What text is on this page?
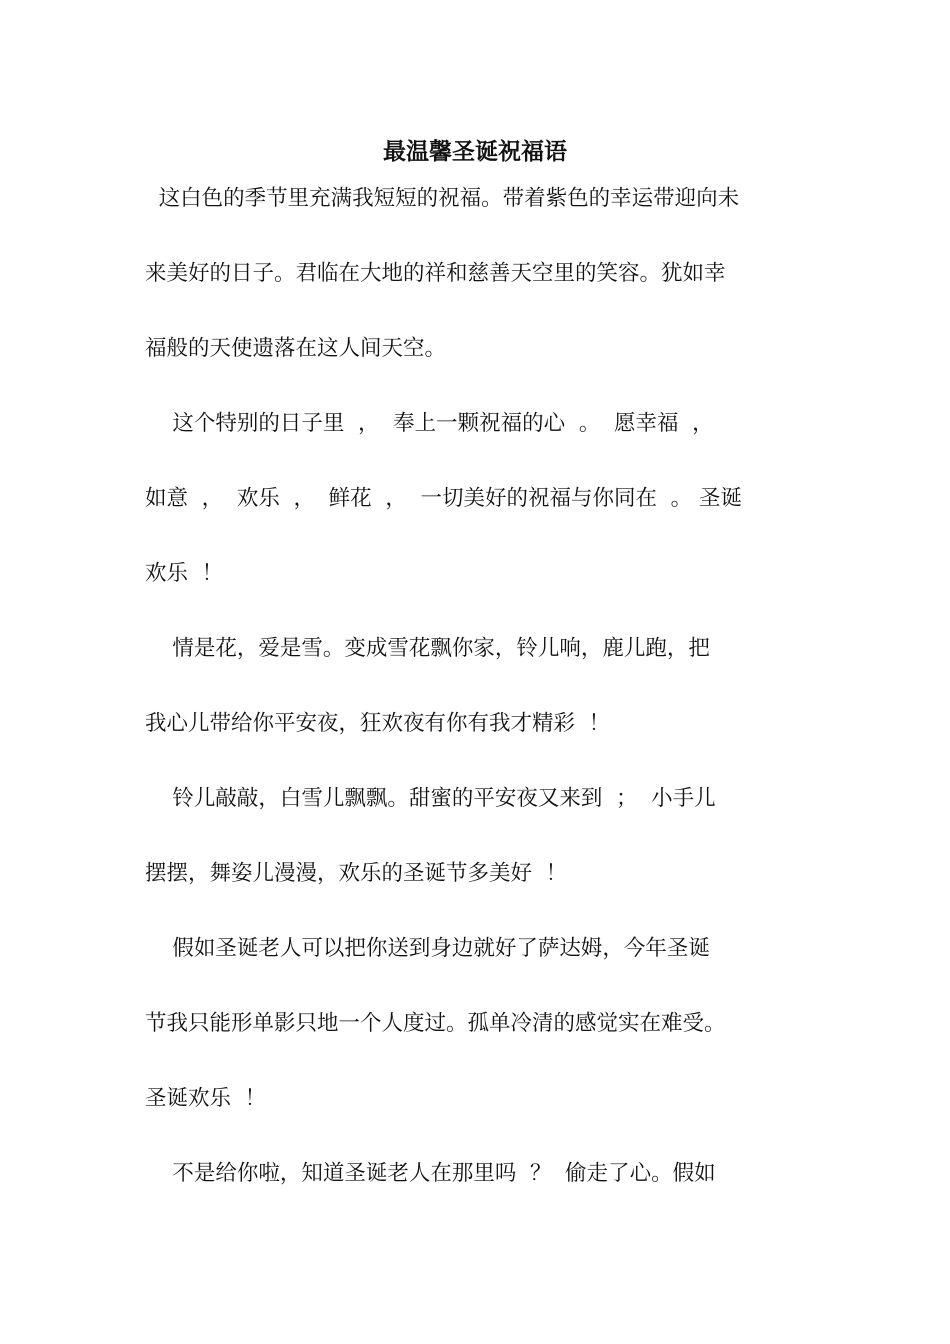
最温馨圣诞祝福语
这白色的季节里充满我短短的祝福。带着紫色的幸运带迎向未
来美好的日子。君临在大地的祥和慈善天空里的笑容。犹如幸
福般的天使遗落在这人间天空。
这个特别的日子里  ，  奉上一颗祝福的心  。  愿幸福  ，
如意  ，  欢乐  ，  鲜花  ，  一切美好的祝福与你同在  。 圣诞
欢乐  ！
情是花，爱是雪。变成雪花飘你家，铃儿响，鹿儿跑，把
我心儿带给你平安夜，狂欢夜有你有我才精彩  ！
铃儿敲敲，白雪儿飘飘。甜蜜的平安夜又来到  ；  小手儿
摆摆，舞姿儿漫漫，欢乐的圣诞节多美好  ！
假如圣诞老人可以把你送到身边就好了萨达姆，今年圣诞
节我只能形单影只地一个人度过。孤单冷清的感觉实在难受。
圣诞欢乐  ！
不是给你啦，知道圣诞老人在那里吗  ？  偷走了心。假如
